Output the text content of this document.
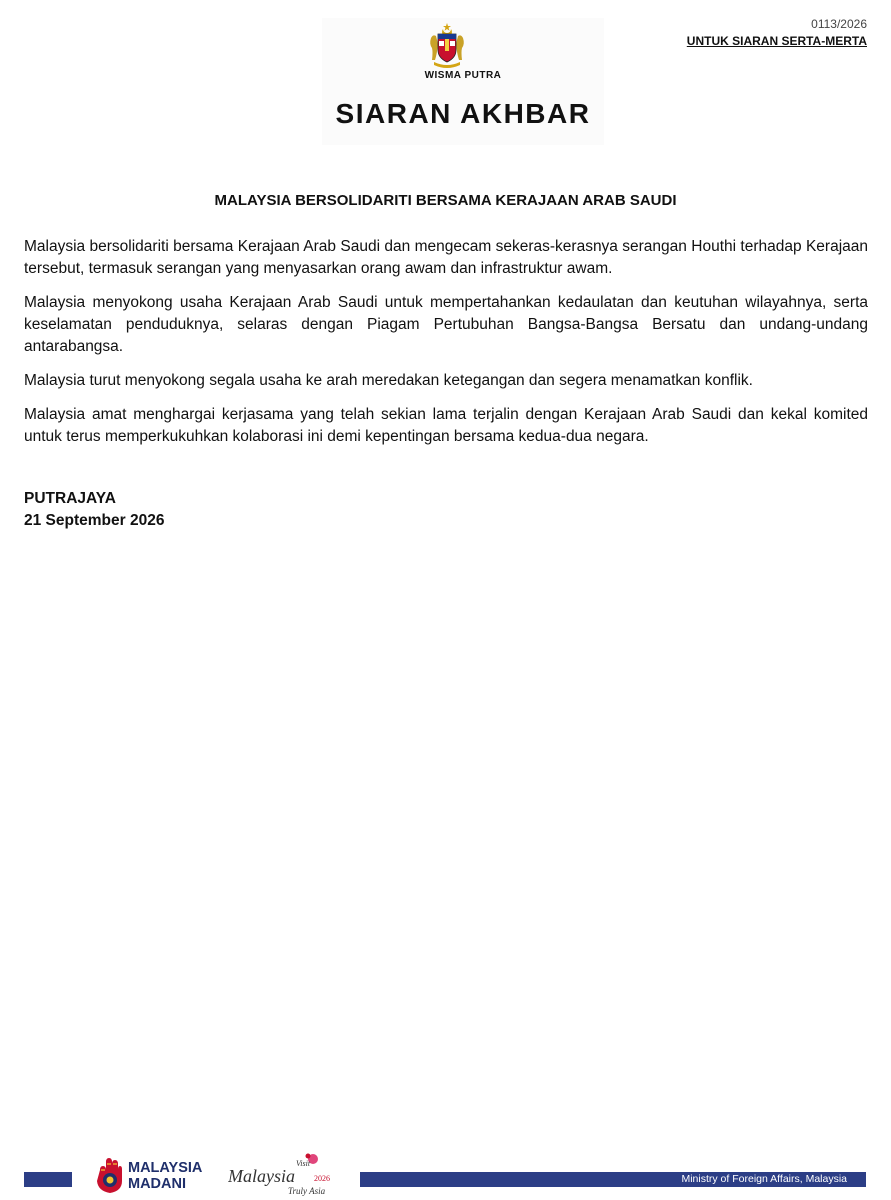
0113/2026
UNTUK SIARAN SERTA-MERTA
WISMA PUTRA
SIARAN AKHBAR
MALAYSIA BERSOLIDARITI BERSAMA KERAJAAN ARAB SAUDI

Malaysia bersolidariti bersama Kerajaan Arab Saudi dan mengecam sekeras-kerasnya serangan Houthi terhadap Kerajaan tersebut, termasuk serangan yang menyasarkan orang awam dan infrastruktur awam.

Malaysia menyokong usaha Kerajaan Arab Saudi untuk mempertahankan kedaulatan dan keutuhan wilayahnya, serta keselamatan penduduknya, selaras dengan Piagam Pertubuhan Bangsa-Bangsa Bersatu dan undang-undang antarabangsa.

Malaysia turut menyokong segala usaha ke arah meredakan ketegangan dan segera menamatkan konflik.

Malaysia amat menghargai kerjasama yang telah sekian lama terjalin dengan Kerajaan Arab Saudi dan kekal komited untuk terus memperkukuhkan kolaborasi ini demi kepentingan bersama kedua-dua negara.

PUTRAJAYA
21 September 2026
MALAYSIA
MADANI
Visit
Malaysia 2026
Truly Asia
Ministry of Foreign Affairs, Malaysia
